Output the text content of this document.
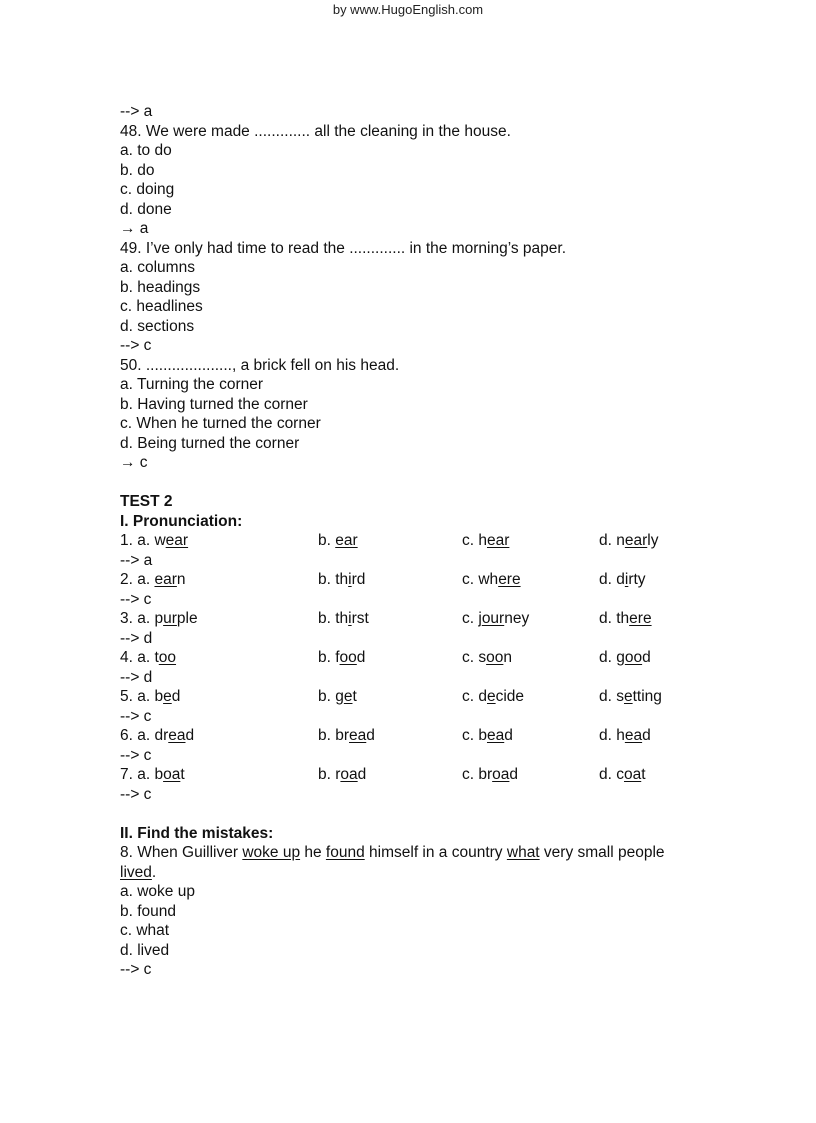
by www.HugoEnglish.com
--> a
48. We were made ............. all the cleaning in the house.
a. to do
b. do
c. doing
d. done
→ a
49. I’ve only had time to read the ............. in the morning’s paper.
a. columns
b. headings
c. headlines
d. sections
--> c
50. ...................., a brick fell on his head.
a. Turning the corner
b. Having turned the corner
c. When he turned the corner
d. Being turned the corner
→ c
TEST 2
I. Pronunciation:
1. a. wear	b. ear	c. hear	d. nearly
--> a
2. a. earn	b. third	c. where	d. dirty
--> c
3. a. purple	b. thirst	c. journey	d. there
--> d
4. a. too	b. food	c. soon	d. good
--> d
5. a. bed	b. get	c. decide	d. setting
--> c
6. a. dread	b. bread	c. bead	d. head
--> c
7. a. boat	b. road	c. broad	d. coat
--> c
II. Find the mistakes:
8. When Guilliver woke up he found himself in a country what very small people
lived.
a. woke up
b. found
c. what
d. lived
--> c
